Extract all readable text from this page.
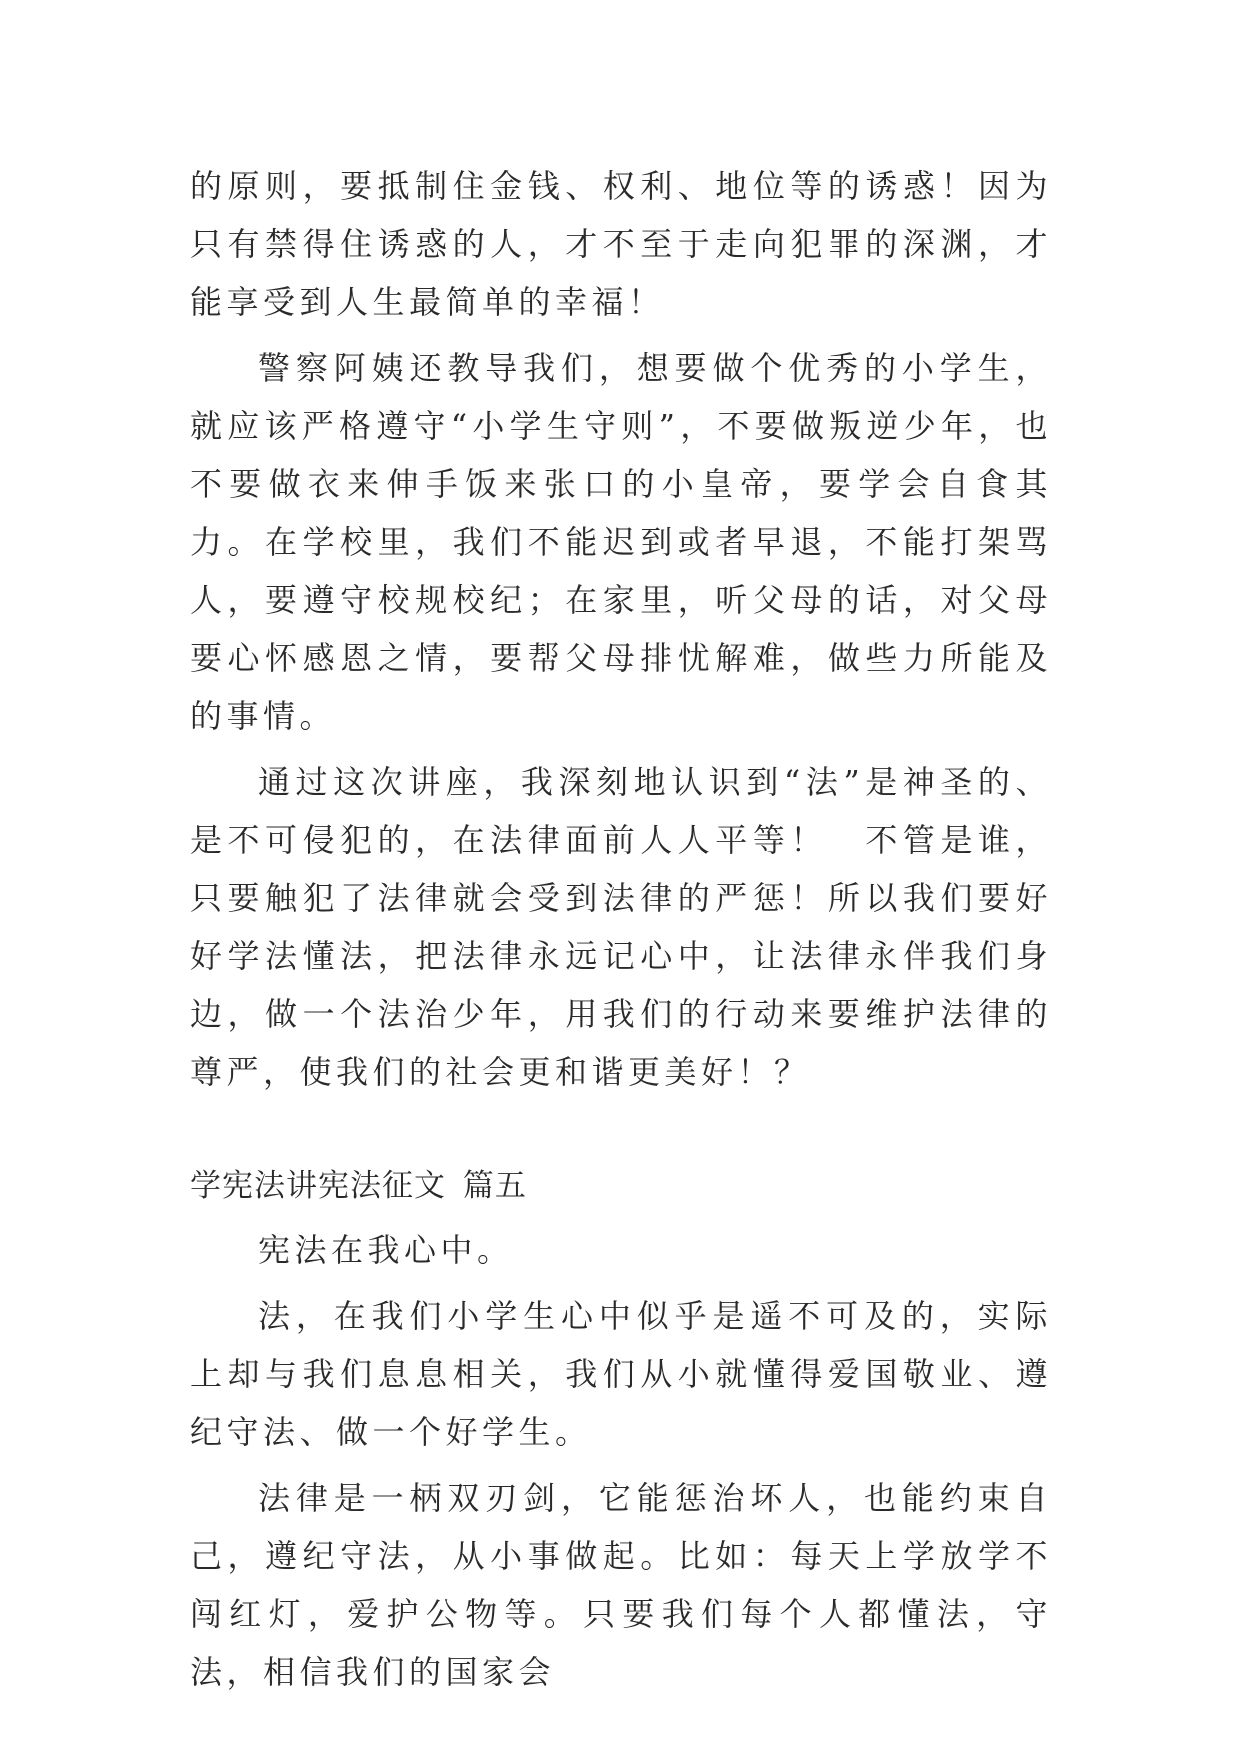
的原则，要抵制住金钱、权利、地位等的诱惑！因为只有禁得住诱惑的人，才不至于走向犯罪的深渊，才能享受到人生最简单的幸福！

警察阿姨还教导我们，想要做个优秀的小学生，就应该严格遵守“小学生守则”，不要做叛逆少年，也不要做衣来伸手饭来张口的小皇帝，要学会自食其力。在学校里，我们不能迟到或者早退，不能打架骂人，要遵守校规校纪；在家里，听父母的话，对父母要心怀感恩之情，要帮父母排忧解难，做些力所能及的事情。

通过这次讲座，我深刻地认识到“法”是神圣的、是不可侵犯的，在法律面前人人平等！　不管是谁，只要触犯了法律就会受到法律的严惩！所以我们要好好学法懂法，把法律永远记心中，让法律永伴我们身边，做一个法治少年，用我们的行动来要维护法律的尊严，使我们的社会更和谐更美好！？

学宪法讲宪法征文 篇五

宪法在我心中。

法，在我们小学生心中似乎是遥不可及的，实际上却与我们息息相关，我们从小就懂得爱国敬业、遵纪守法、做一个好学生。

法律是一柄双刃剑，它能惩治坏人，也能约束自己，遵纪守法，从小事做起。比如：每天上学放学不闯红灯，爱护公物等。只要我们每个人都懂法，守法，相信我们的国家会
